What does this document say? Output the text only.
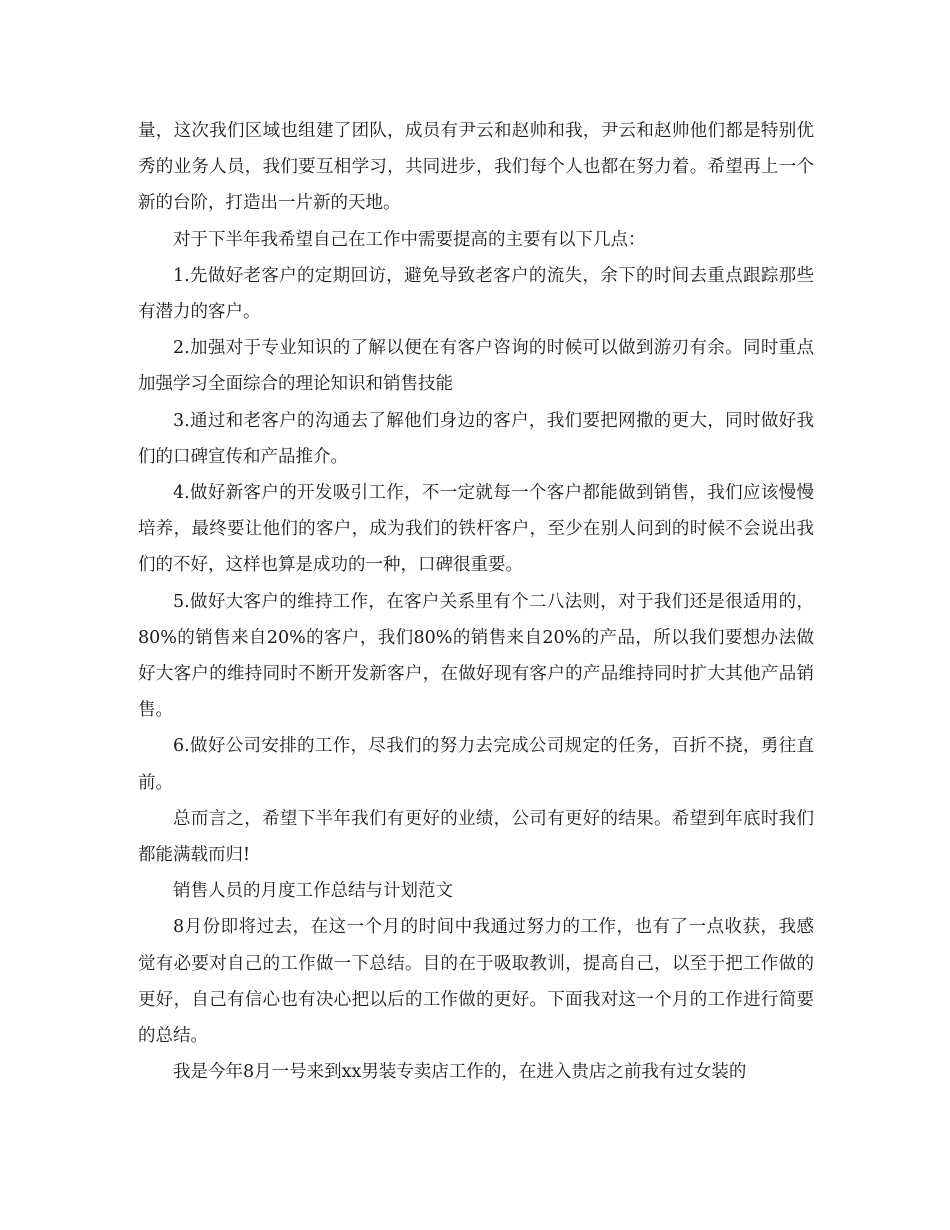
量，这次我们区域也组建了团队，成员有尹云和赵帅和我，尹云和赵帅他们都是特别优秀的业务人员，我们要互相学习，共同进步，我们每个人也都在努力着。希望再上一个新的台阶，打造出一片新的天地。

对于下半年我希望自己在工作中需要提高的主要有以下几点：

1.先做好老客户的定期回访，避免导致老客户的流失，余下的时间去重点跟踪那些有潜力的客户。

2.加强对于专业知识的了解以便在有客户咨询的时候可以做到游刃有余。同时重点加强学习全面综合的理论知识和销售技能

3.通过和老客户的沟通去了解他们身边的客户，我们要把网撒的更大，同时做好我们的口碑宣传和产品推介。

4.做好新客户的开发吸引工作，不一定就每一个客户都能做到销售，我们应该慢慢培养，最终要让他们的客户，成为我们的铁杆客户，至少在别人问到的时候不会说出我们的不好，这样也算是成功的一种，口碑很重要。

5.做好大客户的维持工作，在客户关系里有个二八法则，对于我们还是很适用的，80%的销售来自20%的客户，我们80%的销售来自20%的产品，所以我们要想办法做好大客户的维持同时不断开发新客户，在做好现有客户的产品维持同时扩大其他产品销售。

6.做好公司安排的工作，尽我们的努力去完成公司规定的任务，百折不挠，勇往直前。

总而言之，希望下半年我们有更好的业绩，公司有更好的结果。希望到年底时我们都能满载而归!

销售人员的月度工作总结与计划范文

8月份即将过去，在这一个月的时间中我通过努力的工作，也有了一点收获，我感觉有必要对自己的工作做一下总结。目的在于吸取教训，提高自己，以至于把工作做的更好，自己有信心也有决心把以后的工作做的更好。下面我对这一个月的工作进行简要的总结。

我是今年8月一号来到xx男装专卖店工作的，在进入贵店之前我有过女装的
